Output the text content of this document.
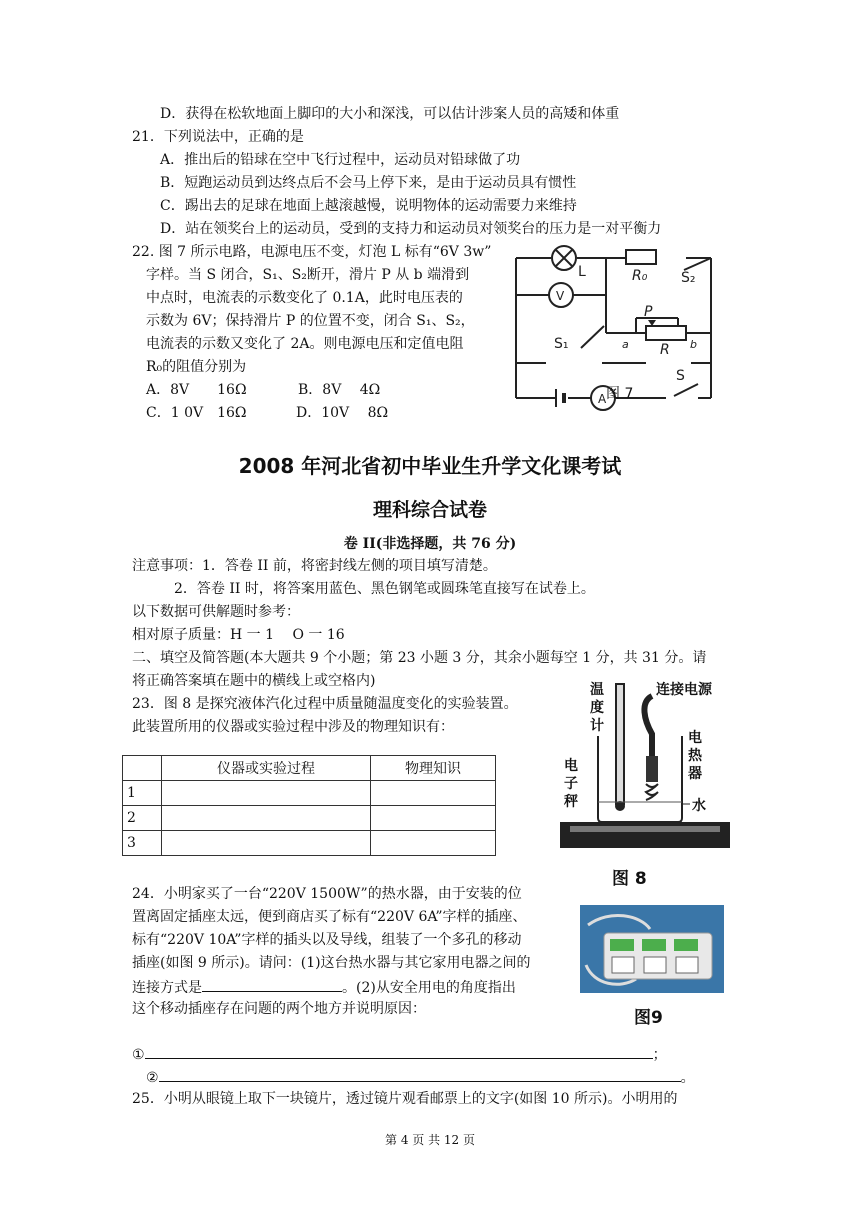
D．获得在松软地面上脚印的大小和深浅，可以估计涉案人员的高矮和体重
21．下列说法中，正确的是
A．推出后的铅球在空中飞行过程中，运动员对铅球做了功
B．短跑运动员到达终点后不会马上停下来，是由于运动员具有惯性
C．踢出去的足球在地面上越滚越慢，说明物体的运动需要力来维持
D．站在领奖台上的运动员，受到的支持力和运动员对领奖台的压力是一对平衡力
22. 图 7 所示电路，电源电压不变，灯泡 L 标有“6V 3w”
字样。当 S 闭合，S₁、S₂断开，滑片 P 从 b 端滑到
中点时，电流表的示数变化了 0.1A，此时电压表的
示数为 6V；保持滑片 P 的位置不变，闭合 S₁、S₂，
电流表的示数又变化了 2A。则电源电压和定值电阻
R₀的阻值分别为
A．8V　　16Ω	B．8V　 4Ω
C．1 0V　16Ω	D．10V　 8Ω
L	R₀ S₂
V
P
a R b
S₁
A
S
图 7
2008 年河北省初中毕业生升学文化课考试
理科综合试卷
卷 II(非选择题，共 76 分)
注意事项：1．答卷 II 前，将密封线左侧的项目填写清楚。
2．答卷 II 时，将答案用蓝色、黑色钢笔或圆珠笔直接写在试卷上。
以下数据可供解题时参考：
相对原子质量：H 一 1　 O 一 16
二、填空及简答题(本大题共 9 个小题；第 23 小题 3 分，其余小题每空 1 分，共 31 分。请
将正确答案填在题中的横线上或空格内)
23．图 8 是探究液体汽化过程中质量随温度变化的实验装置。
此装置所用的仪器或实验过程中涉及的物理知识有：
	仪器或实验过程	物理知识
1		
2		
3		
温
度
计
连接电源
电
热
器
电
子
秤	水
图 8
24．小明家买了一台“220V 1500W”的热水器，由于安装的位
置离固定插座太远，便到商店买了标有“220V 6A”字样的插座、
标有“220V 10A”字样的插头以及导线，组装了一个多孔的移动
插座(如图 9 所示)。请问：(1)这台热水器与其它家用电器之间的
连接方式是	。(2)从安全用电的角度指出
这个移动插座存在问题的两个地方并说明原因：	图9
①	；
②	。
25．小明从眼镜上取下一块镜片，透过镜片观看邮票上的文字(如图 10 所示)。小明用的
第 4 页 共 12 页
